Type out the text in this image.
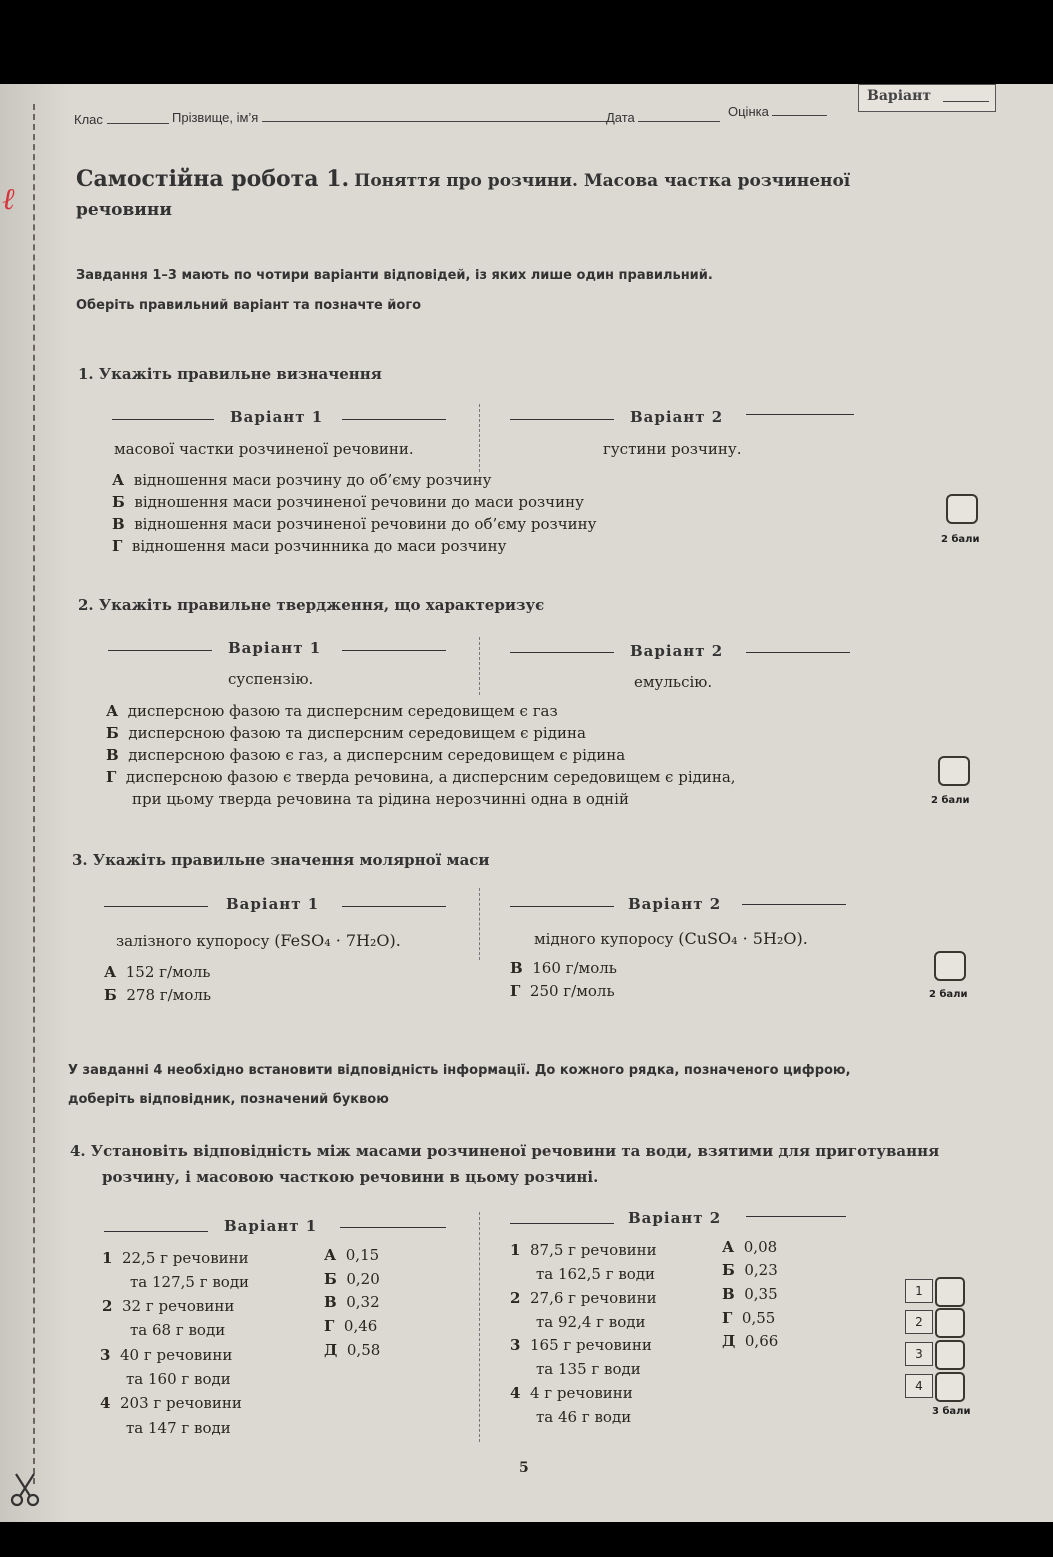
ℓ
Клас	Прізвище, ім’я	Дата	Оцінка
Варіант
Самостійна робота 1. Поняття про розчини. Масова частка розчиненої
речовини
Завдання 1–3 мають по чотири варіанти відповідей, із яких лише один правильний.
Оберіть правильний варіант та позначте його
1. Укажіть правильне визначення
Варіант 1	Варіант 2
масової частки розчиненої речовини.	густини розчину.
А відношення маси розчину до об’єму розчину
Б відношення маси розчиненої речовини до маси розчину
В відношення маси розчиненої речовини до об’єму розчину
Г відношення маси розчинника до маси розчину	2 бали
2. Укажіть правильне твердження, що характеризує
Варіант 1	Варіант 2
суспензію.	емульсію.
А дисперсною фазою та дисперсним середовищем є газ
Б дисперсною фазою та дисперсним середовищем є рідина
В дисперсною фазою є газ, а дисперсним середовищем є рідина
Г дисперсною фазою є тверда речовина, а дисперсним середовищем є рідина,
при цьому тверда речовина та рідина нерозчинні одна в одній	2 бали
3. Укажіть правильне значення молярної маси
Варіант 1	Варіант 2
залізного купоросу (FeSO₄ · 7H₂O).	мідного купоросу (CuSO₄ · 5H₂O).
А 152 г/моль
Б 278 г/моль
В 160 г/моль
Г 250 г/моль	2 бали
У завданні 4 необхідно встановити відповідність інформації. До кожного рядка, позначеного цифрою,
доберіть відповідник, позначений буквою
4. Установіть відповідність між масами розчиненої речовини та води, взятими для приготування
розчину, і масовою часткою речовини в цьому розчині.
Варіант 1	Варіант 2
1 22,5 г речовини
та 127,5 г води
2 32 г речовини
та 68 г води
3 40 г речовини
та 160 г води
4 203 г речовини
та 147 г води
А 0,15
Б 0,20
В 0,32
Г 0,46
Д 0,58
1 87,5 г речовини
та 162,5 г води
2 27,6 г речовини
та 92,4 г води
3 165 г речовини
та 135 г води
4 4 г речовини
та 46 г води
А 0,08
Б 0,23
В 0,35
Г 0,55
Д 0,66
1
2
3
4
3 бали
5
